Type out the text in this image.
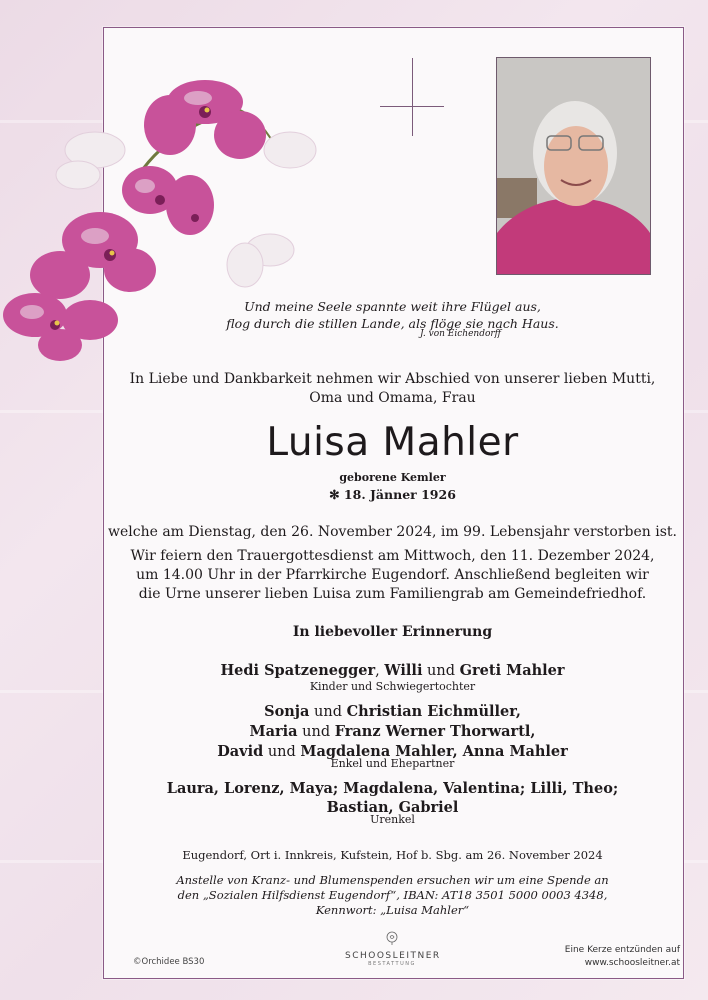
Und meine Seele spannte weit ihre Flügel aus,
flog durch die stillen Lande, als flöge sie nach Haus.
J. von Eichendorff
In Liebe und Dankbarkeit nehmen wir Abschied von unserer lieben Mutti,
Oma und Omama, Frau
Luisa Mahler
geborene Kemler
✻ 18. Jänner 1926
welche am Dienstag, den 26. November 2024, im 99. Lebensjahr verstorben ist.
Wir feiern den Trauergottesdienst am Mittwoch, den 11. Dezember 2024,
um 14.00 Uhr in der Pfarrkirche Eugendorf. Anschließend begleiten wir
die Urne unserer lieben Luisa zum Familiengrab am Gemeindefriedhof.
In liebevoller Erinnerung
Hedi Spatzenegger, Willi und Greti Mahler
Kinder und Schwiegertochter
Sonja und Christian Eichmüller,
Maria und Franz Werner Thorwartl,
David und Magdalena Mahler, Anna Mahler
Enkel und Ehepartner
Laura, Lorenz, Maya; Magdalena, Valentina; Lilli, Theo;
Bastian, Gabriel
Urenkel
Eugendorf, Ort i. Innkreis, Kufstein, Hof b. Sbg. am 26. November 2024
Anstelle von Kranz- und Blumenspenden ersuchen wir um eine Spende an
den „Sozialen Hilfsdienst Eugendorf“, IBAN: AT18 3501 5000 0003 4348,
Kennwort: „Luisa Mahler“
©Orchidee BS30
SCHOOSLEITNER
BESTATTUNG
Eine Kerze entzünden auf
www.schoosleitner.at
